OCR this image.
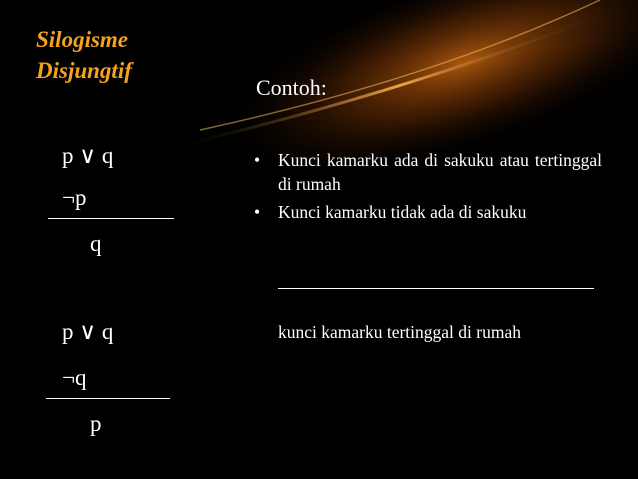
Silogisme
Disjungtif
Contoh:
p ∨ q
¬p
q
p ∨ q
¬q
p
• Kunci kamarku ada di sakuku atau tertinggal di rumah
• Kunci kamarku tidak ada di sakuku
kunci kamarku tertinggal di rumah
